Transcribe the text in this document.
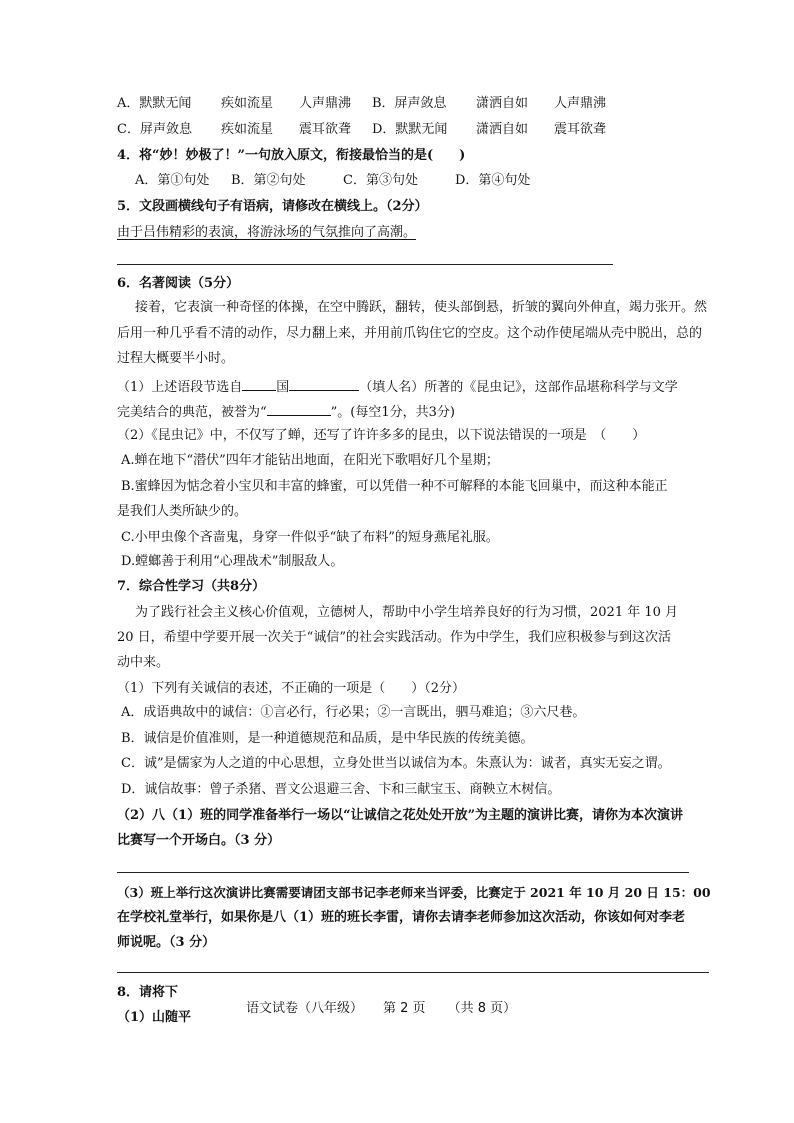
A．默默无闻 疾如流星 人声鼎沸 B．屏声敛息 潇洒自如 人声鼎沸
C．屏声敛息 疾如流星 震耳欲聋 D．默默无闻 潇洒自如 震耳欲聋
4．将“妙！妙极了！”一句放入原文，衔接最恰当的是(　　)
A．第①句处 B．第②句处	C．第③句处	D．第④句处
5．文段画横线句子有语病，请修改在横线上。（2分）
由于吕伟精彩的表演，将游泳场的气氛推向了高潮。
6．名著阅读（5分）
接着，它表演一种奇怪的体操，在空中腾跃，翻转，使头部倒悬，折皱的翼向外伸直，竭力张开。然
后用一种几乎看不清的动作，尽力翻上来，并用前爪钩住它的空皮。这个动作使尾端从壳中脱出，总的
过程大概要半小时。
（1）上述语段节选自	国	（填人名）所著的《昆虫记》，这部作品堪称科学与文学
完美结合的典范，被誉为“	”。(每空1分，共3分)
（2）《昆虫记》中，不仅写了蝉，还写了许许多多的昆虫，以下说法错误的一项是　（　　）
A.蝉在地下“潜伏”四年才能钻出地面，在阳光下歌唱好几个星期；
B.蜜蜂因为惦念着小宝贝和丰富的蜂蜜，可以凭借一种不可解释的本能飞回巢中，而这种本能正
是我们人类所缺少的。
C.小甲虫像个吝啬鬼，身穿一件似乎“缺了布料”的短身燕尾礼服。
D.螳螂善于利用“心理战术”制服敌人。
7．综合性学习（共8分）
为了践行社会主义核心价值观，立德树人，帮助中小学生培养良好的行为习惯，2021 年 10 月
20 日，希望中学要开展一次关于“诚信”的社会实践活动。作为中学生，我们应积极参与到这次活
动中来。
（1）下列有关诚信的表述，不正确的一项是（　　）（2分）
A．成语典故中的诚信：①言必行，行必果；②一言既出，驷马难追；③六尺巷。
B．诚信是价值准则，是一种道德规范和品质，是中华民族的传统美德。
C．诚”是儒家为人之道的中心思想，立身处世当以诚信为本。朱熹认为：诚者，真实无妄之谓。
D．诚信故事：曾子杀猪、晋文公退避三舍、卞和三献宝玉、商鞅立木树信。
（2）八（1）班的同学准备举行一场以“让诚信之花处处开放”为主题的演讲比赛，请你为本次演讲
比赛写一个开场白。（3 分）
（3）班上举行这次演讲比赛需要请团支部书记李老师来当评委，比赛定于 2021 年 10 月 20 日 15：00
在学校礼堂举行，如果你是八（1）班的班长李雷，请你去请李老师参加这次活动，你该如何对李老
师说呢。（3 分）
8．请将下
（1）山随平
语文试卷（八年级） 第 2 页 （共 8 页）
